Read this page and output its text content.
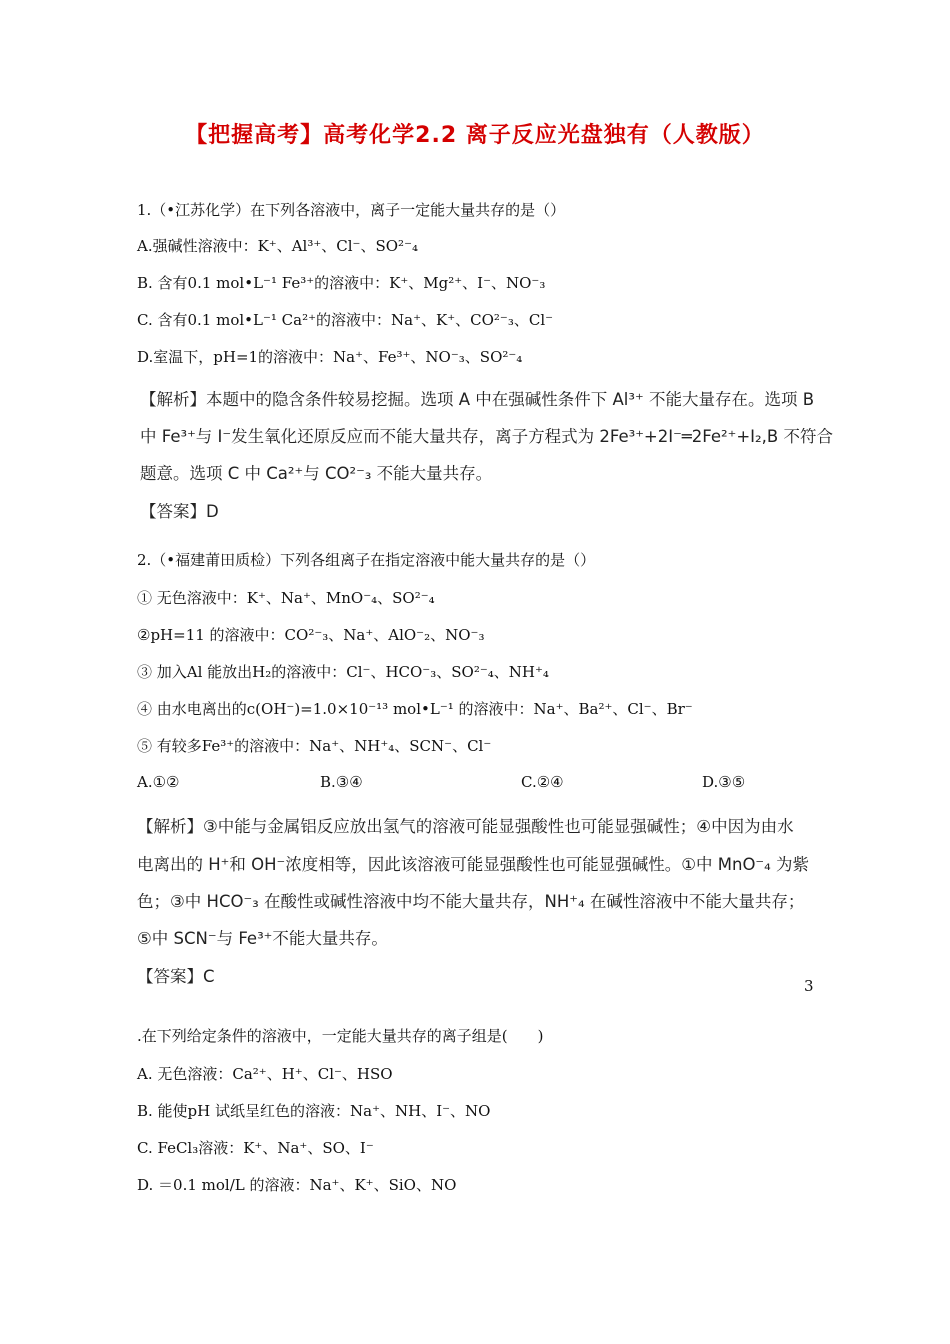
【把握高考】高考化学2.2 离子反应光盘独有（人教版）
1.（•江苏化学）在下列各溶液中，离子一定能大量共存的是（）
A.强碱性溶液中：K⁺、Al³⁺、Cl⁻、SO²⁻₄
B. 含有0.1 mol•L⁻¹ Fe³⁺的溶液中：K⁺、Mg²⁺、I⁻、NO⁻₃
C. 含有0.1 mol•L⁻¹ Ca²⁺的溶液中：Na⁺、K⁺、CO²⁻₃、Cl⁻
D.室温下，pH=1的溶液中：Na⁺、Fe³⁺、NO⁻₃、SO²⁻₄
【解析】本题中的隐含条件较易挖掘。选项 A 中在强碱性条件下 Al³⁺ 不能大量存在。选项 B
中 Fe³⁺与 I⁻发生氧化还原反应而不能大量共存，离子方程式为 2Fe³⁺+2I⁻═2Fe²⁺+I₂,B 不符合
题意。选项 C 中 Ca²⁺与 CO²⁻₃ 不能大量共存。
【答案】D
2.（•福建莆田质检）下列各组离子在指定溶液中能大量共存的是（）
① 无色溶液中：K⁺、Na⁺、MnO⁻₄、SO²⁻₄
②pH=11 的溶液中：CO²⁻₃、Na⁺、AlO⁻₂、NO⁻₃
③ 加入Al 能放出H₂的溶液中：Cl⁻、HCO⁻₃、SO²⁻₄、NH⁺₄
④ 由水电离出的c(OH⁻)=1.0×10⁻¹³ mol•L⁻¹ 的溶液中：Na⁺、Ba²⁺、Cl⁻、Br⁻
⑤ 有较多Fe³⁺的溶液中：Na⁺、NH⁺₄、SCN⁻、Cl⁻
A.①②	B.③④	C.②④	D.③⑤
【解析】③中能与金属铝反应放出氢气的溶液可能显强酸性也可能显强碱性；④中因为由水
电离出的 H⁺和 OH⁻浓度相等，因此该溶液可能显强酸性也可能显强碱性。①中 MnO⁻₄ 为紫
色；③中 HCO⁻₃ 在酸性或碱性溶液中均不能大量共存，NH⁺₄ 在碱性溶液中不能大量共存；
⑤中 SCN⁻与 Fe³⁺不能大量共存。
【答案】C	3
.在下列给定条件的溶液中，一定能大量共存的离子组是(　　)
A. 无色溶液：Ca²⁺、H⁺、Cl⁻、HSO
B. 能使pH 试纸呈红色的溶液：Na⁺、NH、I⁻、NO
C. FeCl₃溶液：K⁺、Na⁺、SO、I⁻
D. ＝0.1 mol/L 的溶液：Na⁺、K⁺、SiO、NO
